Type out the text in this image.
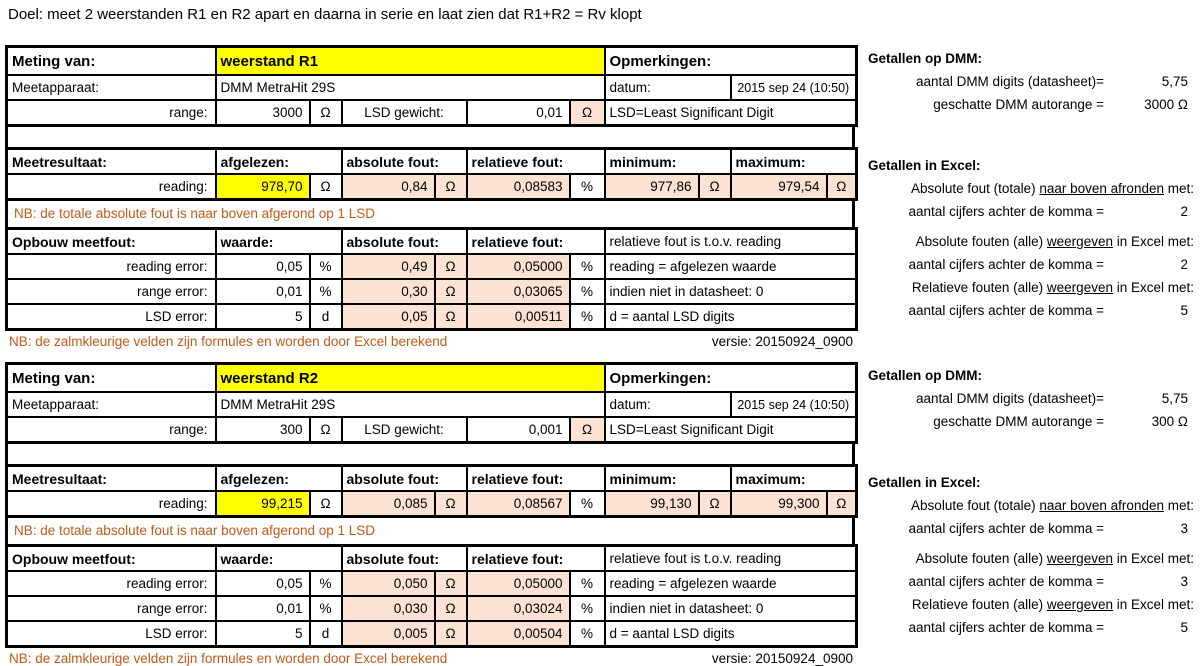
Doel: meet 2 weerstanden R1 en R2 apart en daarna in serie en laat zien dat R1+R2 = Rv klopt
Meting van:	weerstand R1					Opmerkingen:	
Meetapparaat:	DMM MetraHit 29S					datum:	2015 sep 24 (10:50)
range:	3000	Ω	LSD gewicht:	0,01	Ω	LSD=Least Significant Digit	
Meetresultaat:	afgelezen:		absolute fout:		relatieve fout:		minimum:		maximum:	
reading:	978,70	Ω	0,84	Ω	0,08583	%	977,86	Ω	979,54	Ω
NB: de totale absolute fout is naar boven afgerond op 1 LSD
Opbouw meetfout:	waarde:		absolute fout:		relatieve fout:		relatieve fout is t.o.v. reading
reading error:	0,05	%	0,49	Ω	0,05000	%	reading = afgelezen waarde
range error:	0,01	%	0,30	Ω	0,03065	%	indien niet in datasheet: 0
LSD error:	5	d	0,05	Ω	0,00511	%	d = aantal LSD digits
NB: de zalmkleurige velden zijn formules en worden door Excel berekend	versie: 20150924_0900
Getallen op DMM:
aantal DMM digits (datasheet)=	5,75
geschatte DMM autorange =	3000 Ω
Getallen in Excel:
Absolute fout (totale) naar boven afronden met:
aantal cijfers achter de komma =	2
Absolute fouten (alle) weergeven in Excel met:
aantal cijfers achter de komma =	2
Relatieve fouten (alle) weergeven in Excel met:
aantal cijfers achter de komma =	5
Meting van:	weerstand R2					Opmerkingen:	
Meetapparaat:	DMM MetraHit 29S					datum:	2015 sep 24 (10:50)
range:	300	Ω	LSD gewicht:	0,001	Ω	LSD=Least Significant Digit	
Meetresultaat:	afgelezen:		absolute fout:		relatieve fout:		minimum:		maximum:	
reading:	99,215	Ω	0,085	Ω	0,08567	%	99,130	Ω	99,300	Ω
NB: de totale absolute fout is naar boven afgerond op 1 LSD
Opbouw meetfout:	waarde:		absolute fout:		relatieve fout:		relatieve fout is t.o.v. reading
reading error:	0,05	%	0,050	Ω	0,05000	%	reading = afgelezen waarde
range error:	0,01	%	0,030	Ω	0,03024	%	indien niet in datasheet: 0
LSD error:	5	d	0,005	Ω	0,00504	%	d = aantal LSD digits
NB: de zalmkleurige velden zijn formules en worden door Excel berekend	versie: 20150924_0900
Getallen op DMM:
aantal DMM digits (datasheet)=	5,75
geschatte DMM autorange =	300 Ω
Getallen in Excel:
Absolute fout (totale) naar boven afronden met:
aantal cijfers achter de komma =	3
Absolute fouten (alle) weergeven in Excel met:
aantal cijfers achter de komma =	3
Relatieve fouten (alle) weergeven in Excel met:
aantal cijfers achter de komma =	5
